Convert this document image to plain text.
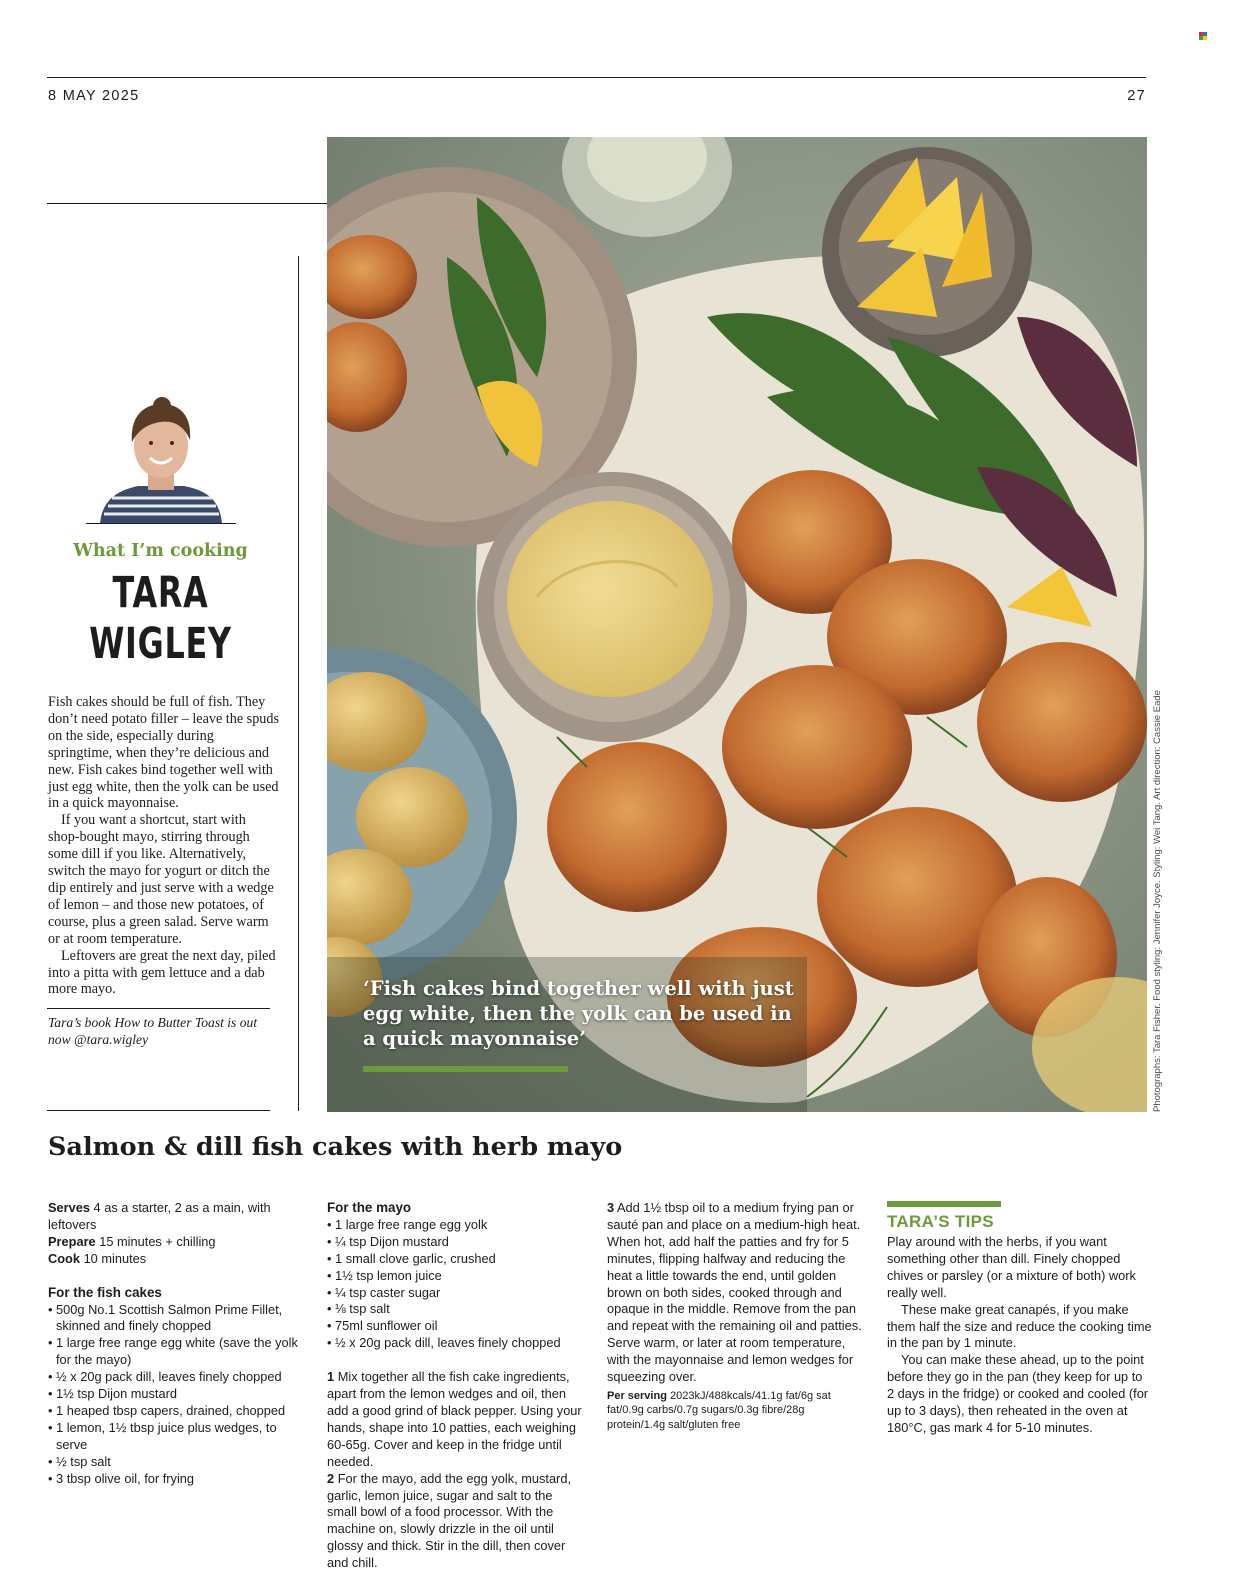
8 MAY 2025	27
What I’m cooking
TARA
WIGLEY

Fish cakes should be full of fish. They don’t need potato filler – leave the spuds on the side, especially during springtime, when they’re delicious and new. Fish cakes bind together well with just egg white, then the yolk can be used in a quick mayonnaise.

If you want a shortcut, start with shop-bought mayo, stirring through some dill if you like. Alternatively, switch the mayo for yogurt or ditch the dip entirely and just serve with a wedge of lemon – and those new potatoes, of course, plus a green salad. Serve warm or at room temperature.

Leftovers are great the next day, piled into a pitta with gem lettuce and a dab more mayo.

Tara’s book How to Butter Toast is out now @tara.wigley
‘Fish cakes bind together well with just egg white, then the yolk can be used in a quick mayonnaise’	Photographs: Tara Fisher. Food styling: Jennifer Joyce. Styling: Wei Tang. Art direction: Cassie Eade
Salmon & dill fish cakes with herb mayo

Serves 4 as a starter, 2 as a main, with leftovers

Prepare 15 minutes + chilling

Cook 10 minutes

For the fish cakes
• 500g No.1 Scottish Salmon Prime Fillet, skinned and finely chopped
• 1 large free range egg white (save the yolk for the mayo)
• ½ x 20g pack dill, leaves finely chopped
• 1½ tsp Dijon mustard
• 1 heaped tbsp capers, drained, chopped
• 1 lemon, 1½ tbsp juice plus wedges, to serve
• ½ tsp salt
• 3 tbsp olive oil, for frying
For the mayo
• 1 large free range egg yolk
• ¼ tsp Dijon mustard
• 1 small clove garlic, crushed
• 1½ tsp lemon juice
• ¼ tsp caster sugar
• ⅛ tsp salt
• 75ml sunflower oil
• ½ x 20g pack dill, leaves finely chopped

1 Mix together all the fish cake ingredients, apart from the lemon wedges and oil, then add a good grind of black pepper. Using your hands, shape into 10 patties, each weighing 60-65g. Cover and keep in the fridge until needed.

2 For the mayo, add the egg yolk, mustard, garlic, lemon juice, sugar and salt to the small bowl of a food processor. With the machine on, slowly drizzle in the oil until glossy and thick. Stir in the dill, then cover and chill.

3 Add 1½ tbsp oil to a medium frying pan or sauté pan and place on a medium-high heat. When hot, add half the patties and fry for 5 minutes, flipping halfway and reducing the heat a little towards the end, until golden brown on both sides, cooked through and opaque in the middle. Remove from the pan and repeat with the remaining oil and patties. Serve warm, or later at room temperature, with the mayonnaise and lemon wedges for squeezing over.

Per serving 2023kJ/488kcals/41.1g fat/6g sat fat/0.9g carbs/0.7g sugars/0.3g fibre/28g protein/1.4g salt/gluten free

TARA’S TIPS

Play around with the herbs, if you want something other than dill. Finely chopped chives or parsley (or a mixture of both) work really well.

These make great canapés, if you make them half the size and reduce the cooking time in the pan by 1 minute.

You can make these ahead, up to the point before they go in the pan (they keep for up to 2 days in the fridge) or cooked and cooled (for up to 3 days), then reheated in the oven at 180°C, gas mark 4 for 5-10 minutes.
